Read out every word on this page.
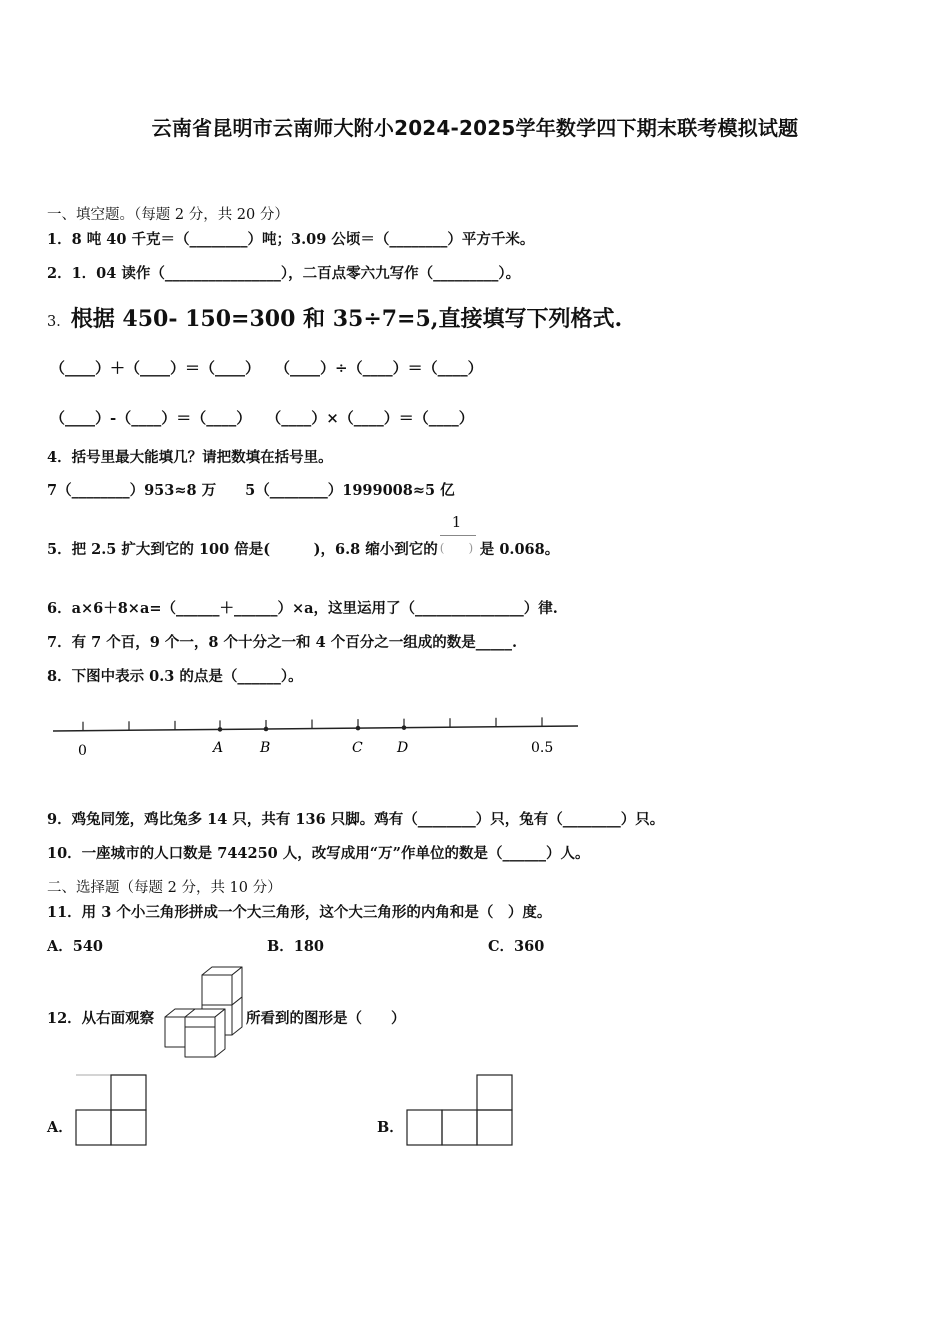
云南省昆明市云南师大附小2024-2025学年数学四下期末联考模拟试题
一、填空题。（每题 2 分，共 20 分）
1．8 吨 40 千克＝（________）吨；3.09 公顷＝（________）平方千米。
2．1．04 读作（________________），二百点零六九写作（_________）。
3．根据 450- 150=300 和 35÷7=5,直接填写下列格式.
（____）＋（____）＝（____）　　（____）÷（____）＝（____）
（____）-（____）＝（____）　　（____）×（____）＝（____）
4．括号里最大能填几？请把数填在括号里。
7（________）953≈8 万　　5（________）1999008≈5 亿
5．把 2.5 扩大到它的 100 倍是(　　　)，6.8 缩小到它的
1
(　　) 是 0.068。
6．a×6＋8×a=（______＋______）×a，这里运用了（_______________）律.
7．有 7 个百，9 个一，8 个十分之一和 4 个百分之一组成的数是_____.
8．下图中表示 0.3 的点是（______）。
0	A	B	C D	0.5
9．鸡兔同笼，鸡比兔多 14 只，共有 136 只脚。鸡有（________）只，兔有（________）只。
10．一座城市的人口数是 744250 人，改写成用“万”作单位的数是（______）人。
二、选择题（每题 2 分，共 10 分）
11．用 3 个小三角形拼成一个大三角形，这个大三角形的内角和是（　）度。
A．540	B．180	C．360
12．从右面观察	所看到的图形是（　　）
A．	B．
